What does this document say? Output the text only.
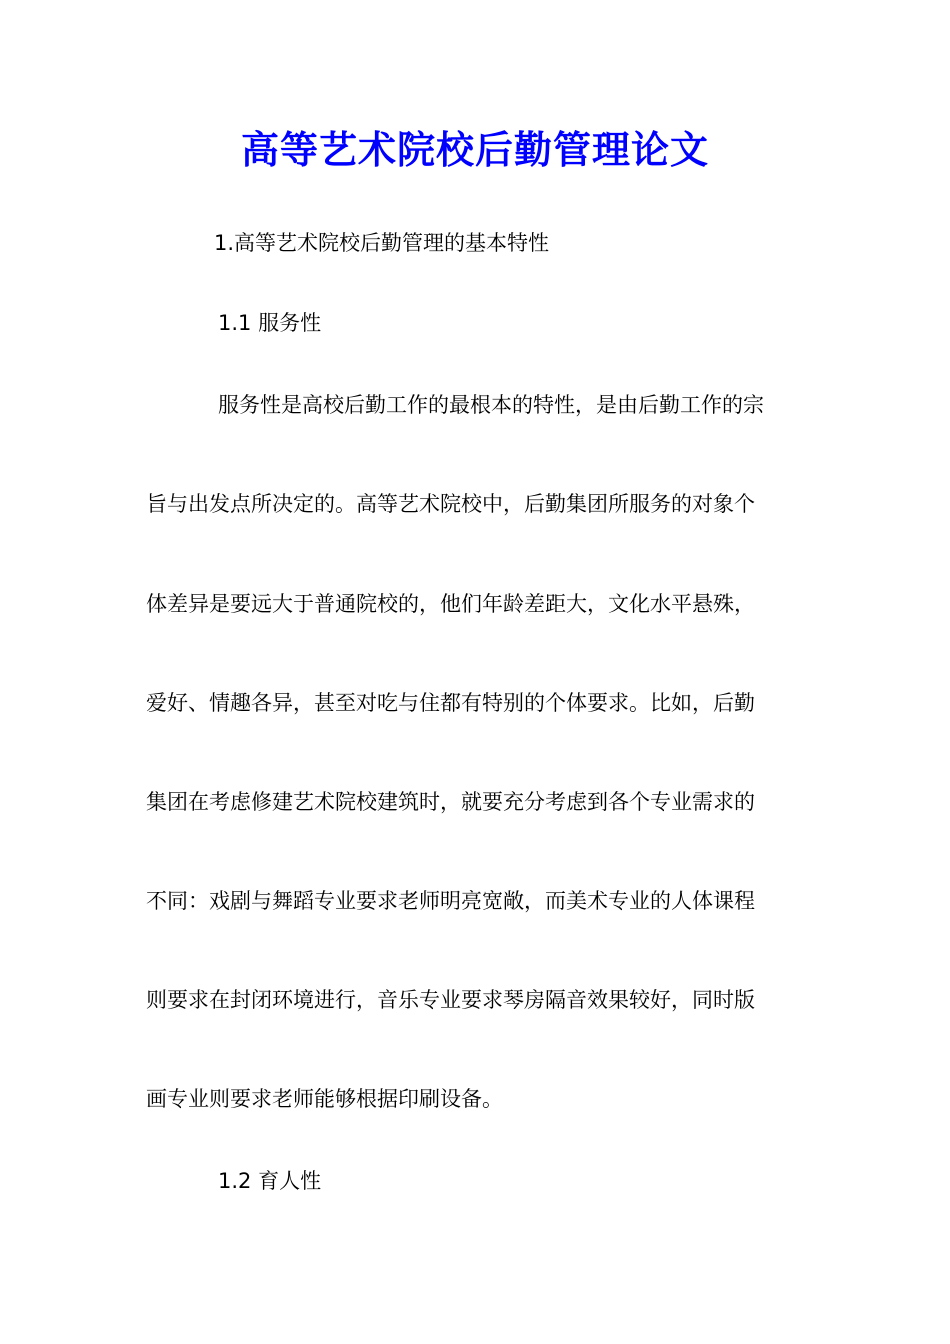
高等艺术院校后勤管理论文
1.高等艺术院校后勤管理的基本特性
1.1 服务性
服务性是高校后勤工作的最根本的特性，是由后勤工作的宗
旨与出发点所决定的。高等艺术院校中，后勤集团所服务的对象个
体差异是要远大于普通院校的，他们年龄差距大，文化水平悬殊，
爱好、情趣各异，甚至对吃与住都有特别的个体要求。比如，后勤
集团在考虑修建艺术院校建筑时，就要充分考虑到各个专业需求的
不同：戏剧与舞蹈专业要求老师明亮宽敞，而美术专业的人体课程
则要求在封闭环境进行，音乐专业要求琴房隔音效果较好，同时版
画专业则要求老师能够根据印刷设备。
1.2 育人性
